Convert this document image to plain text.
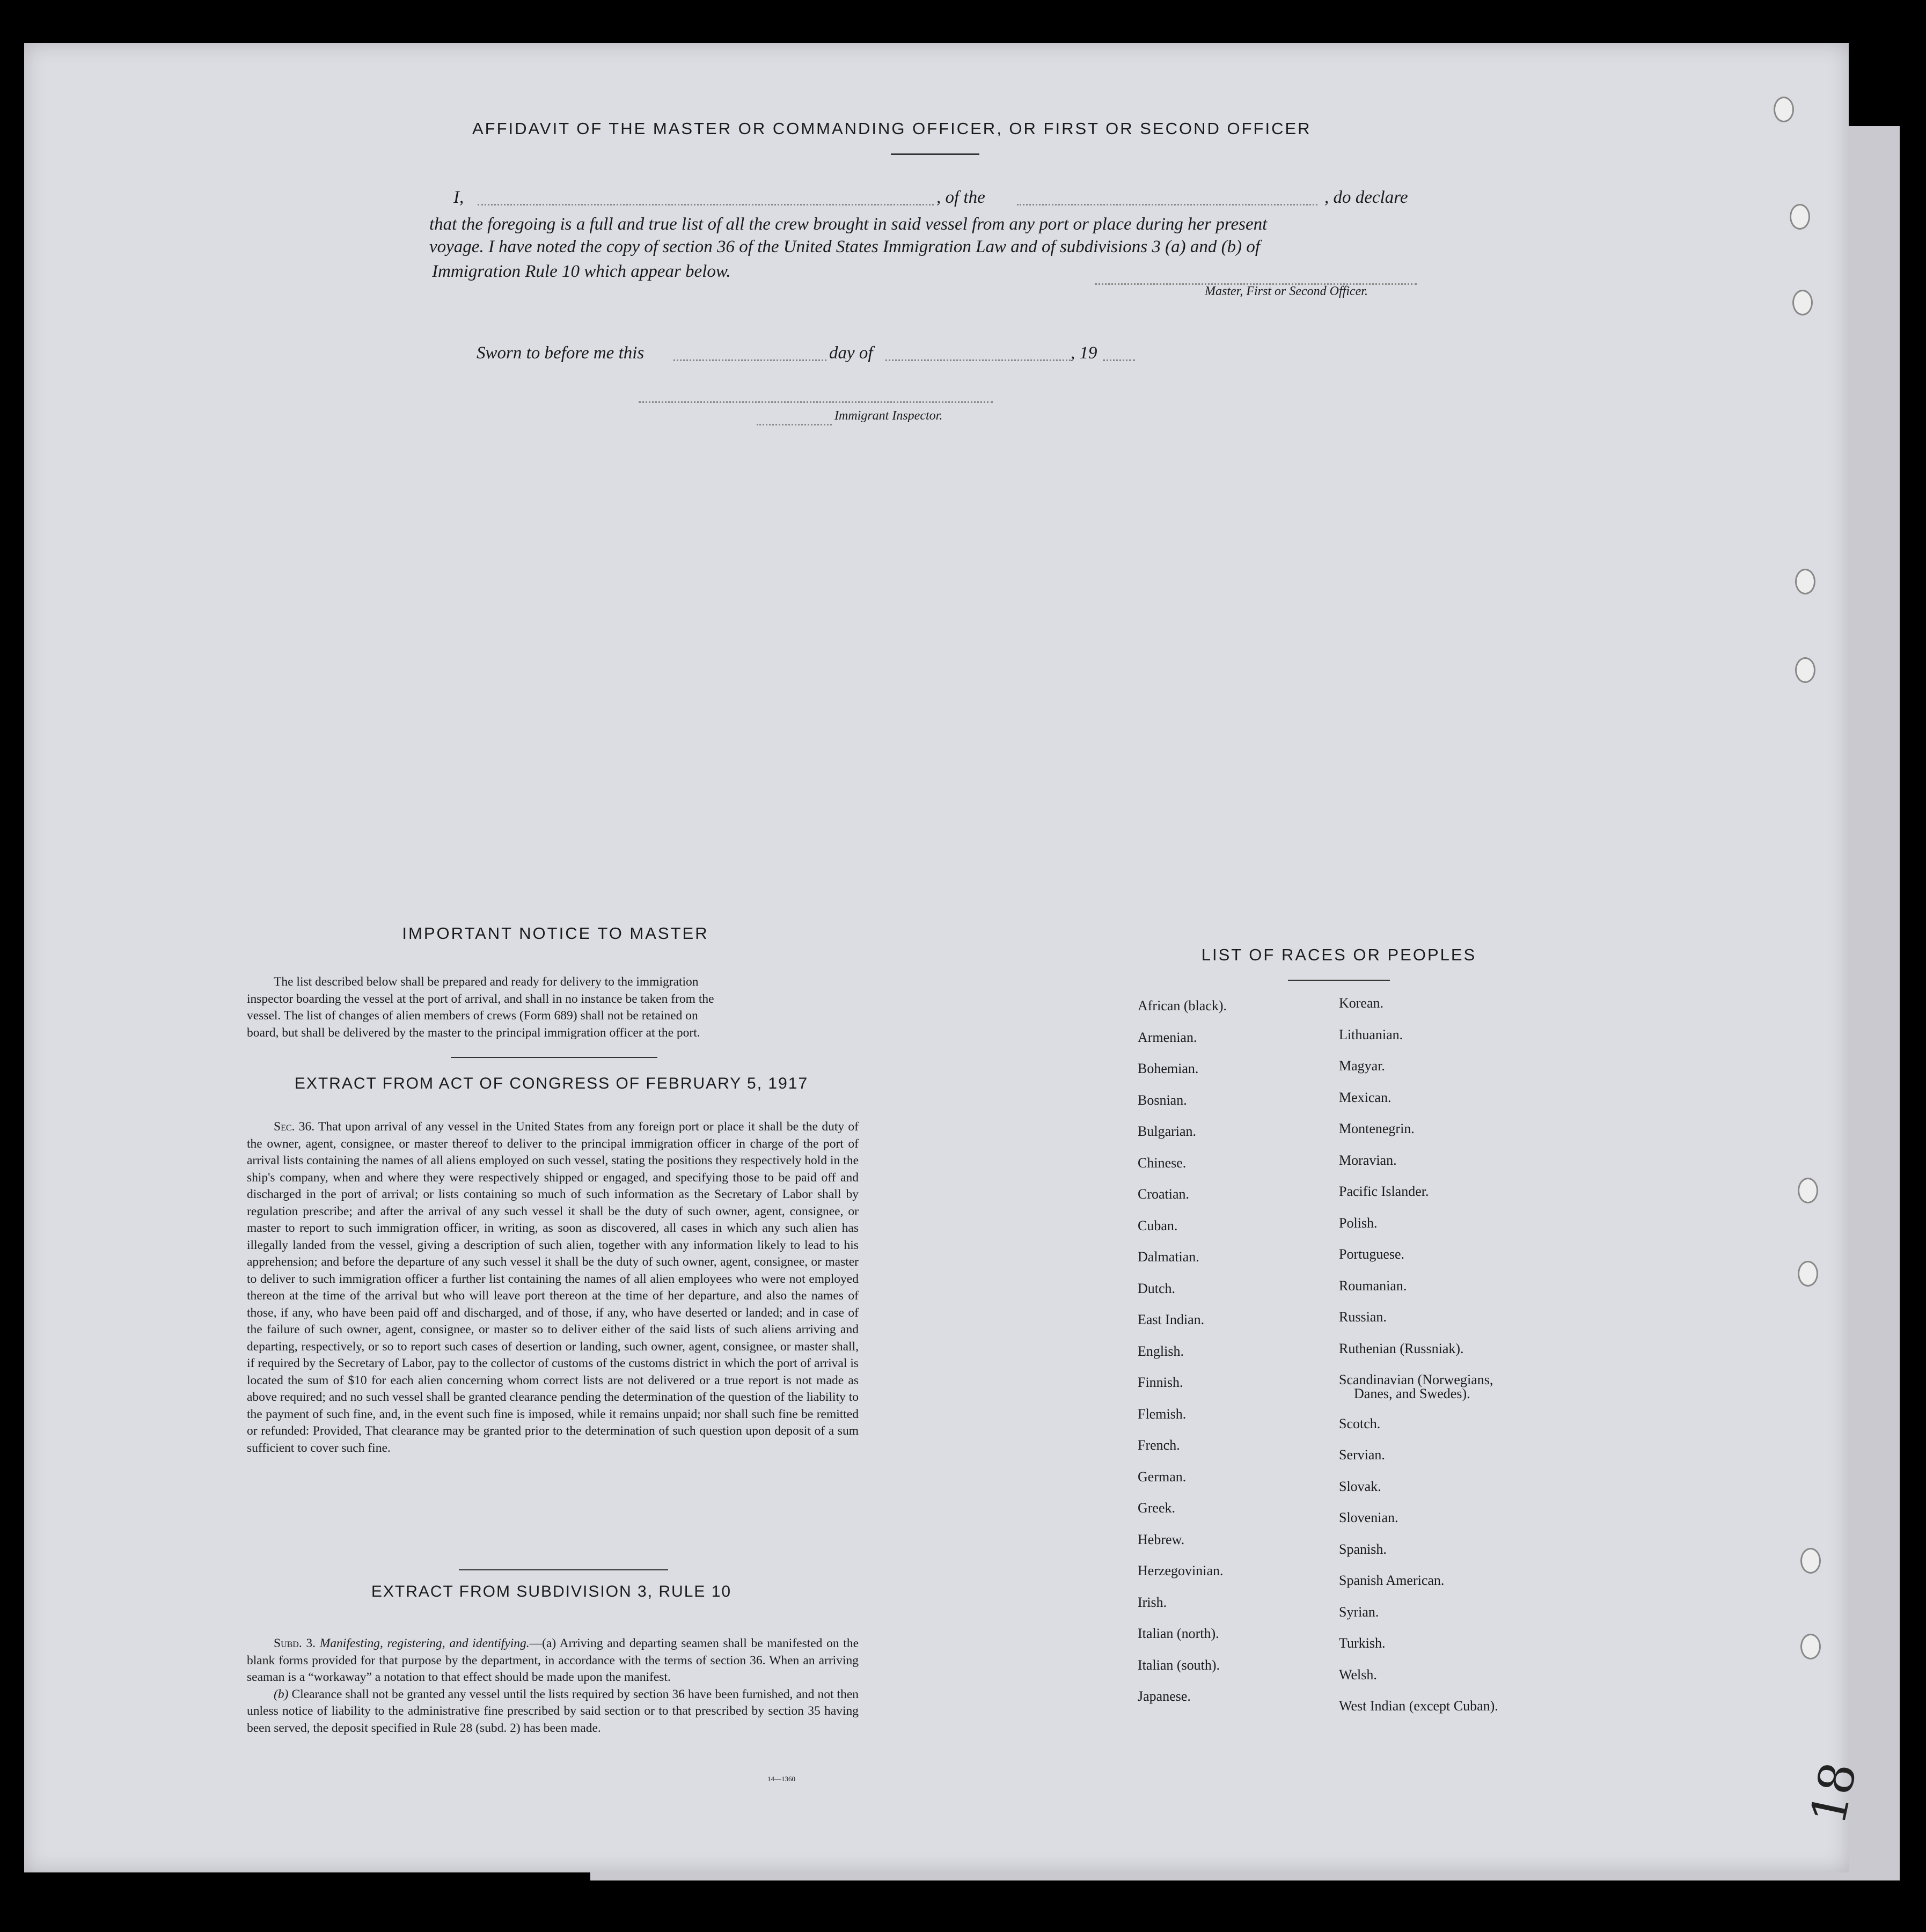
AFFIDAVIT OF THE MASTER OR COMMANDING OFFICER, OR FIRST OR SECOND OFFICER
I,	, of the	, do declare
that the foregoing is a full and true list of all the crew brought in said vessel from any port or place during her present
voyage. I have noted the copy of section 36 of the United States Immigration Law and of subdivisions 3 (a) and (b) of
Immigration Rule 10 which appear below.
Master, First or Second Officer.
Sworn to before me this	day of	, 19
Immigrant Inspector.
IMPORTANT NOTICE TO MASTER
The list described below shall be prepared and ready for delivery to the immigration
inspector boarding the vessel at the port of arrival, and shall in no instance be taken from the
vessel. The list of changes of alien members of crews (Form 689) shall not be retained on
board, but shall be delivered by the master to the principal immigration officer at the port.
EXTRACT FROM ACT OF CONGRESS OF FEBRUARY 5, 1917

Sec. 36. That upon arrival of any vessel in the United States from any foreign port or place it shall be the duty of the owner, agent, consignee, or master thereof to deliver to the principal immigration officer in charge of the port of arrival lists containing the names of all aliens employed on such vessel, stating the positions they respectively hold in the ship's company, when and where they were respectively shipped or engaged, and specifying those to be paid off and discharged in the port of arrival; or lists containing so much of such information as the Secretary of Labor shall by regulation prescribe; and after the arrival of any such vessel it shall be the duty of such owner, agent, consignee, or master to report to such immigration officer, in writing, as soon as discovered, all cases in which any such alien has illegally landed from the vessel, giving a description of such alien, together with any information likely to lead to his apprehension; and before the departure of any such vessel it shall be the duty of such owner, agent, consignee, or master to deliver to such immigration officer a further list containing the names of all alien employees who were not employed thereon at the time of the arrival but who will leave port thereon at the time of her departure, and also the names of those, if any, who have been paid off and discharged, and of those, if any, who have deserted or landed; and in case of the failure of such owner, agent, consignee, or master so to deliver either of the said lists of such aliens arriving and departing, respectively, or so to report such cases of desertion or landing, such owner, agent, consignee, or master shall, if required by the Secretary of Labor, pay to the collector of customs of the customs district in which the port of arrival is located the sum of $10 for each alien concerning whom correct lists are not delivered or a true report is not made as above required; and no such vessel shall be granted clearance pending the determination of the question of the liability to the payment of such fine, and, in the event such fine is imposed, while it remains unpaid; nor shall such fine be remitted or refunded: Provided, That clearance may be granted prior to the determination of such question upon deposit of a sum sufficient to cover such fine.

EXTRACT FROM SUBDIVISION 3, RULE 10

Subd. 3. Manifesting, registering, and identifying.—(a) Arriving and departing seamen shall be manifested on the blank forms provided for that purpose by the department, in accordance with the terms of section 36. When an arriving seaman is a “workaway” a notation to that effect should be made upon the manifest.

(b) Clearance shall not be granted any vessel until the lists required by section 36 have been furnished, and not then unless notice of liability to the administrative fine prescribed by said section or to that prescribed by section 35 having been served, the deposit specified in Rule 28 (subd. 2) has been made.

14—1360
LIST OF RACES OR PEOPLES
African (black).
Armenian.
Bohemian.
Bosnian.
Bulgarian.
Chinese.
Croatian.
Cuban.
Dalmatian.
Dutch.
East Indian.
English.
Finnish.
Flemish.
French.
German.
Greek.
Hebrew.
Herzegovinian.
Irish.
Italian (north).
Italian (south).
Japanese.
Korean.
Lithuanian.
Magyar.
Mexican.
Montenegrin.
Moravian.
Pacific Islander.
Polish.
Portuguese.
Roumanian.
Russian.
Ruthenian (Russniak).
Scandinavian (Norwegians,
Danes, and Swedes).
Scotch.
Servian.
Slovak.
Slovenian.
Spanish.
Spanish American.
Syrian.
Turkish.
Welsh.
West Indian (except Cuban).
18
